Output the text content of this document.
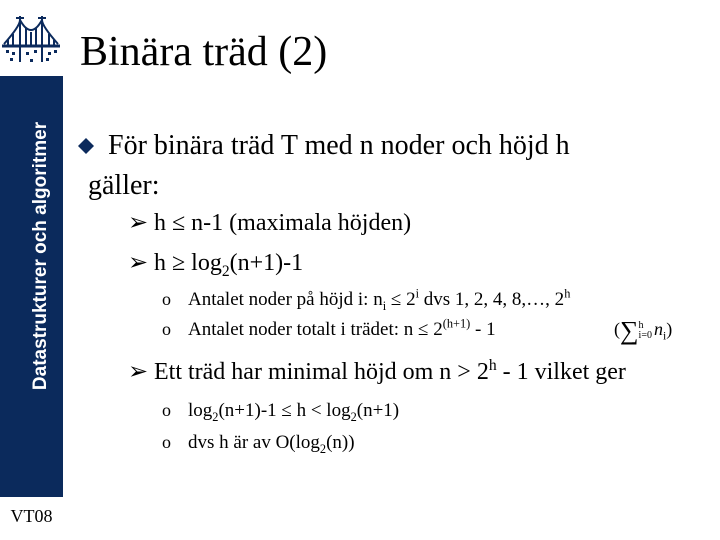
Datastrukturer och algoritmer
VT08
Binära träd (2)
För binära träd T med n noder och höjd h
gäller:
➢ h ≤ n-1 (maximala höjden)
➢ $h \ge \log_2(n+1)-1$
o Antalet noder på höjd i: $n_i \le 2^i$ dvs 1, 2, 4, 8,…, 2$^h$
o Antalet noder totalt i trädet: $n \le 2^{(h+1)} - 1$	(∑h
i=0 $n_i$)
➢ Ett träd har minimal höjd om $n > 2^h - 1$ vilket ger
o $\log_2(n+1)-1 \le h < \log_2(n+1)$
o dvs h är av $O(\log_2(n))$
